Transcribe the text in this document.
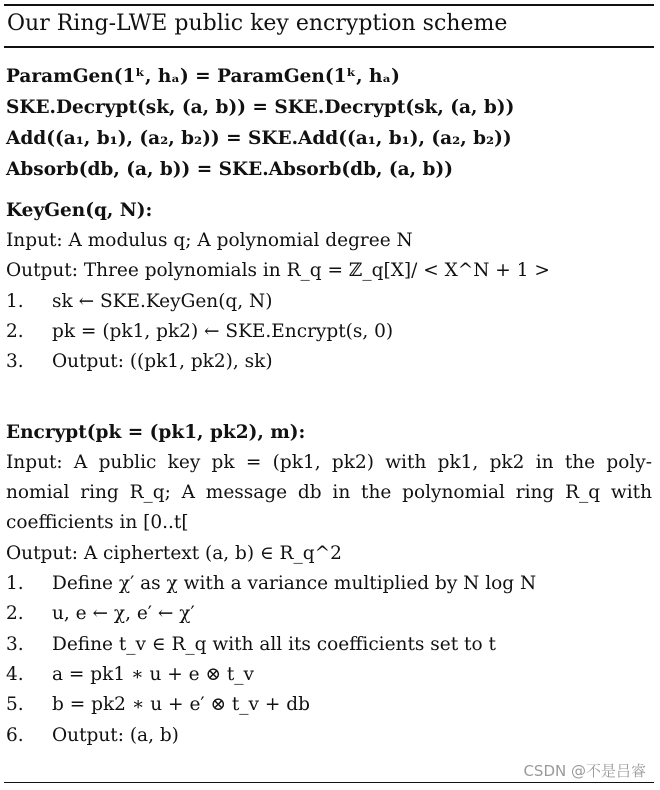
Our Ring-LWE public key encryption scheme
ParamGen(1ᵏ, hₐ) = ParamGen(1ᵏ, hₐ)
SKE.Decrypt(sk, (a, b)) = SKE.Decrypt(sk, (a, b))
Add((a₁, b₁), (a₂, b₂)) = SKE.Add((a₁, b₁), (a₂, b₂))
Absorb(db, (a, b)) = SKE.Absorb(db, (a, b))
KeyGen(q, N):
Input: A modulus q; A polynomial degree N
Output: Three polynomials in R_q = ℤ_q[X]/ < X^N + 1 >
1. sk ← SKE.KeyGen(q, N)
2. pk = (pk1, pk2) ← SKE.Encrypt(s, 0)
3. Output: ((pk1, pk2), sk)
Encrypt(pk = (pk1, pk2), m):
Input: A public key pk = (pk1, pk2) with pk1, pk2 in the poly-
nomial ring R_q; A message db in the polynomial ring R_q with
coefficients in [0..t[
Output: A ciphertext (a, b) ∈ R_q^2
1. Define χ′ as χ with a variance multiplied by N log N
2. u, e ← χ, e′ ← χ′
3. Define t_v ∈ R_q with all its coefficients set to t
4. a = pk1 ∗ u + e ⊗ t_v
5. b = pk2 ∗ u + e′ ⊗ t_v + db
6. Output: (a, b)
CSDN @不是吕睿
